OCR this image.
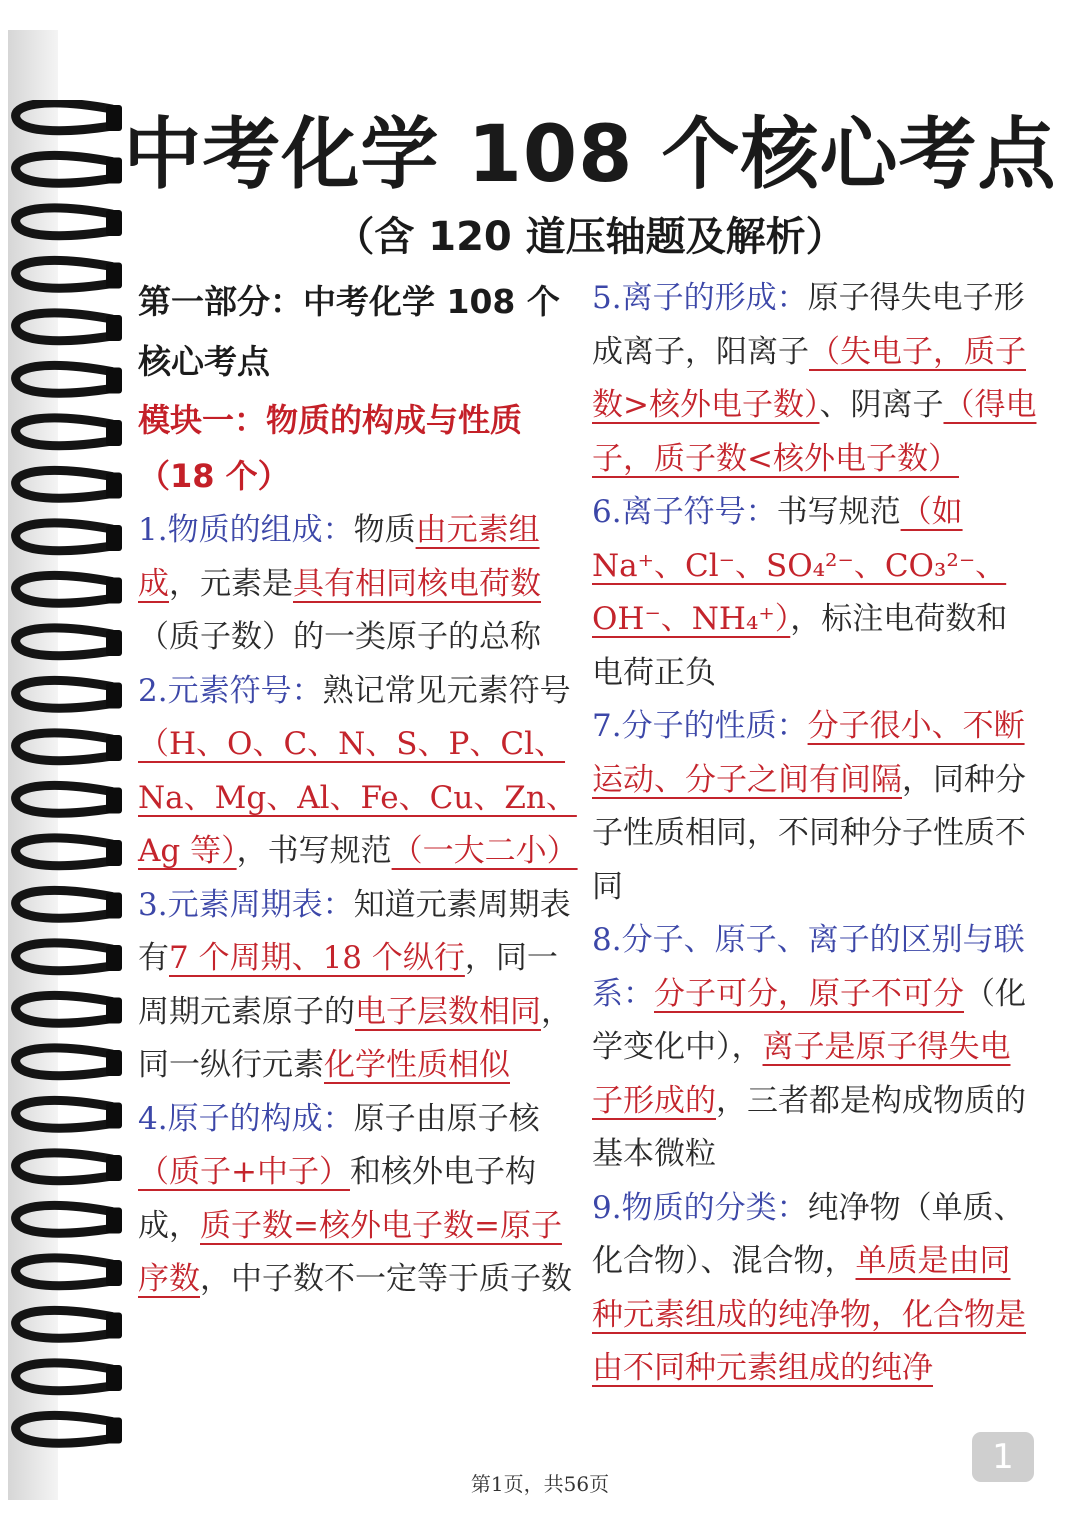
中考化学 108 个核心考点
（含 120 道压轴题及解析）

第一部分：中考化学 108 个核心考点

模块一：物质的构成与性质（18 个）

1.物质的组成：物质由元素组成，元素是具有相同核电荷数（质子数）的一类原子的总称

2.元素符号：熟记常见元素符号（H、O、C、N、S、P、Cl、Na、Mg、Al、Fe、Cu、Zn、Ag 等），书写规范（一大二小）

3.元素周期表：知道元素周期表有7 个周期、18 个纵行，同一周期元素原子的电子层数相同，同一纵行元素化学性质相似

4.原子的构成：原子由原子核（质子+中子）和核外电子构成，质子数=核外电子数=原子序数，中子数不一定等于质子数

5.离子的形成：原子得失电子形成离子，阳离子（失电子，质子数>核外电子数）、阴离子（得电子，质子数<核外电子数）

6.离子符号：书写规范（如 Na⁺、Cl⁻、SO₄²⁻、CO₃²⁻、OH⁻、NH₄⁺），标注电荷数和电荷正负

7.分子的性质：分子很小、不断运动、分子之间有间隔，同种分子性质相同，不同种分子性质不同

8.分子、原子、离子的区别与联系：分子可分，原子不可分（化学变化中），离子是原子得失电子形成的，三者都是构成物质的基本微粒

9.物质的分类：纯净物（单质、化合物）、混合物，单质是由同种元素组成的纯净物，化合物是由不同种元素组成的纯净

第1页，共56页
1
